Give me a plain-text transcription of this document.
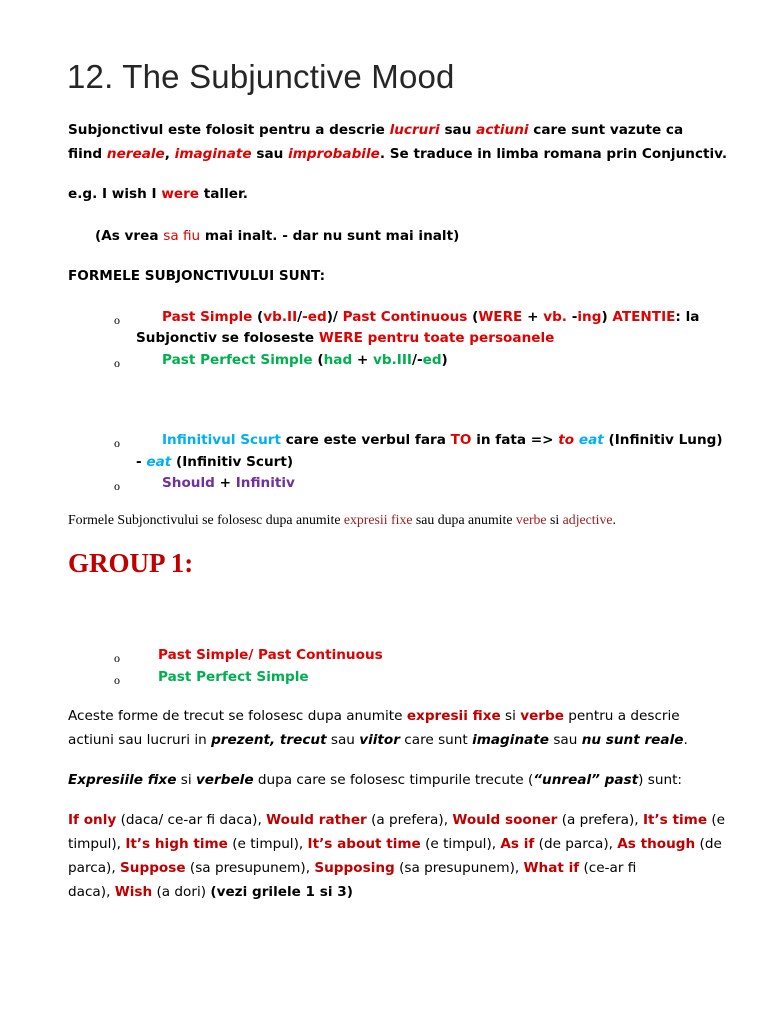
12. The Subjunctive Mood
Subjonctivul este folosit pentru a descrie lucruri sau actiuni care sunt vazute ca
fiind nereale, imaginate sau improbabile. Se traduce in limba romana prin Conjunctiv.
e.g. I wish I were taller.
(As vrea sa fiu mai inalt. - dar nu sunt mai inalt)
FORMELE SUBJONCTIVULUI SUNT:
o	Past Simple (vb.II/-ed)/ Past Continuous (WERE + vb. -ing) ATENTIE: la
Subjonctiv se foloseste WERE pentru toate persoanele
o	Past Perfect Simple (had + vb.III/-ed)
o	Infinitivul Scurt care este verbul fara TO in fata => to eat (Infinitiv Lung)
- eat (Infinitiv Scurt)
o	Should + Infinitiv
Formele Subjonctivului se folosesc dupa anumite expresii fixe sau dupa anumite verbe si adjective.
GROUP 1:
o	Past Simple/ Past Continuous
o	Past Perfect Simple
Aceste forme de trecut se folosesc dupa anumite expresii fixe si verbe pentru a descrie
actiuni sau lucruri in prezent, trecut sau viitor care sunt imaginate sau nu sunt reale.
Expresiile fixe si verbele dupa care se folosesc timpurile trecute (“unreal” past) sunt:
If only (daca/ ce-ar fi daca), Would rather (a prefera), Would sooner (a prefera), It’s time (e
timpul), It’s high time (e timpul), It’s about time (e timpul), As if (de parca), As though (de
parca), Suppose (sa presupunem), Supposing (sa presupunem), What if (ce-ar fi
daca), Wish (a dori) (vezi grilele 1 si 3)
